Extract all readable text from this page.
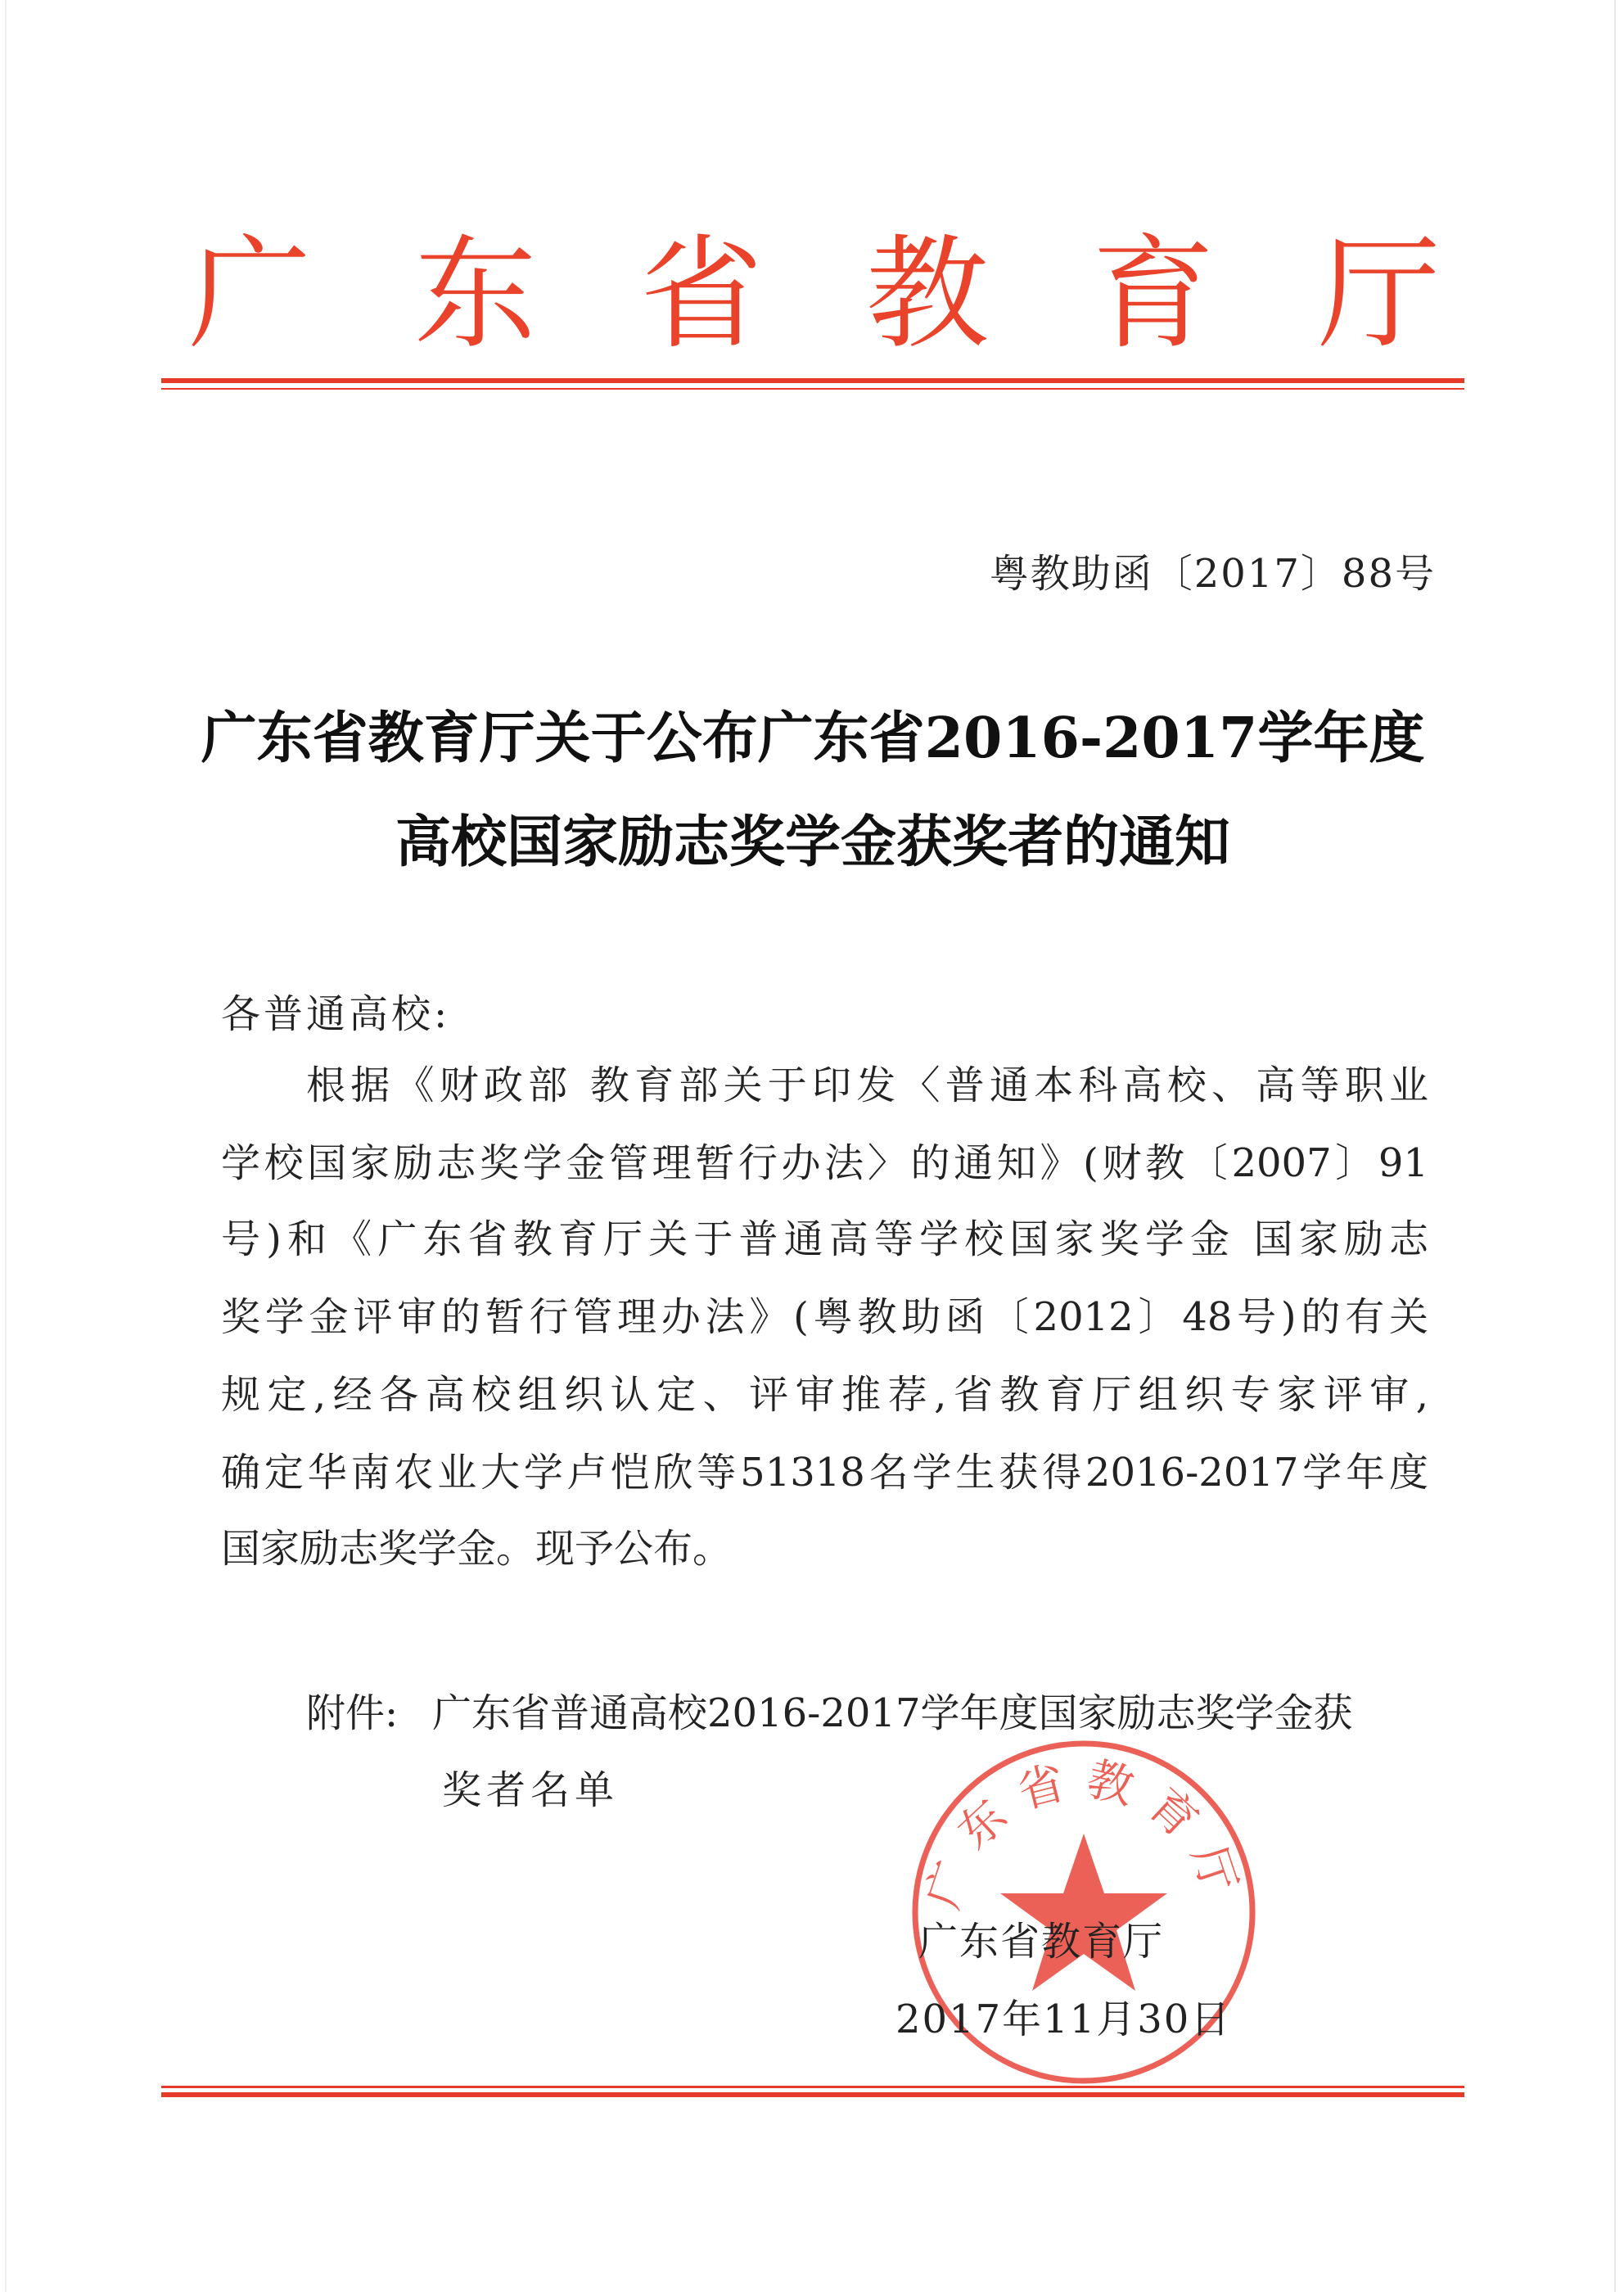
广 东 省 教 育 厅
粤教助函〔2017〕88号
广东省教育厅关于公布广东省2016-2017学年度
高校国家励志奖学金获奖者的通知
各普通高校:
根据《财政部 教育部关于印发〈普通本科高校、高等职业
学校国家励志奖学金管理暂行办法〉的通知》(财教〔2007〕91
号)和《广东省教育厅关于普通高等学校国家奖学金 国家励志
奖学金评审的暂行管理办法》(粤教助函〔2012〕48号)的有关
规定,经各高校组织认定、评审推荐,省教育厅组织专家评审,
确定华南农业大学卢恺欣等51318名学生获得2016-2017学年度
国家励志奖学金。现予公布。
附件: 广东省普通高校2016-2017学年度国家励志奖学金获
奖者名单
广东省教育厅
广东省教育厅
2017年11月30日
